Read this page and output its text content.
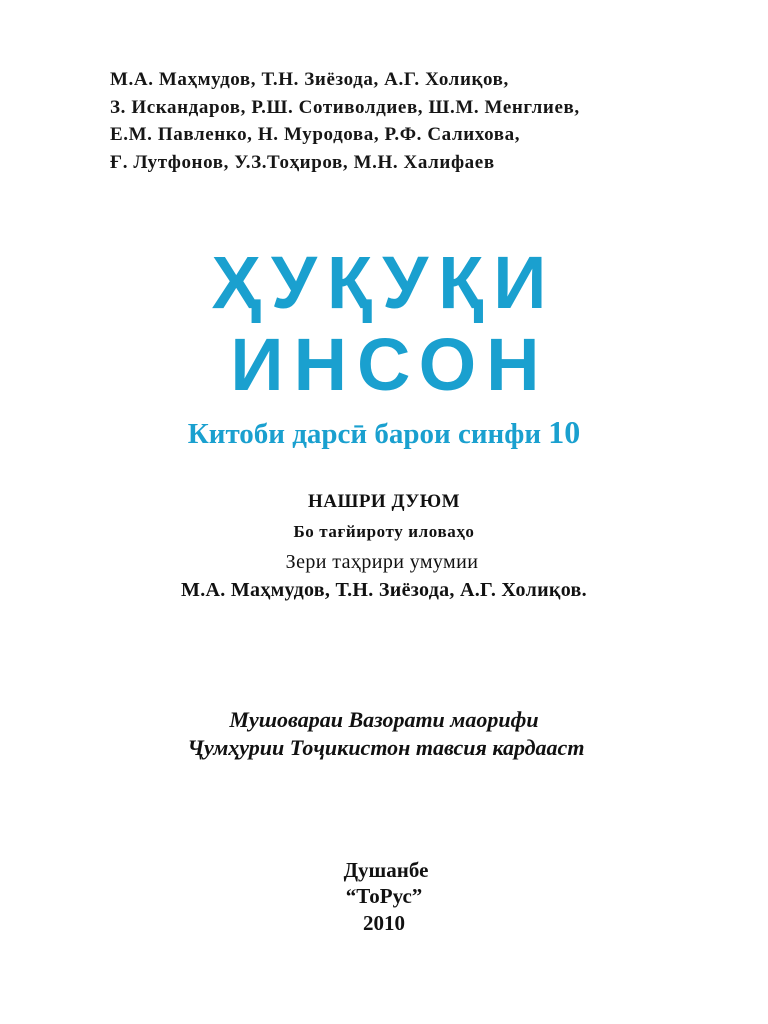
М.А. Маҳмудов, Т.Н. Зиёзода, А.Г. Холиқов,
З. Искандаров, Р.Ш. Сотиволдиев, Ш.М. Менглиев,
Е.М. Павленко, Н. Муродова, Р.Ф. Салихова,
Ғ. Лутфонов, У.З.Тоҳиров, М.Н. Халифаев
ҲУҚУҚИ
ИНСОН
Китоби дарсӣ барои синфи 10
НАШРИ ДУЮМ
Бо тағйироту иловаҳо
Зери таҳрири умумии
М.А. Маҳмудов, Т.Н. Зиёзода, А.Г. Холиқов.
Мушовараи Вазорати маорифи
Ҷумҳурии Тоҷикистон тавсия кардааст
Душанбе
“ТоРус”
2010
